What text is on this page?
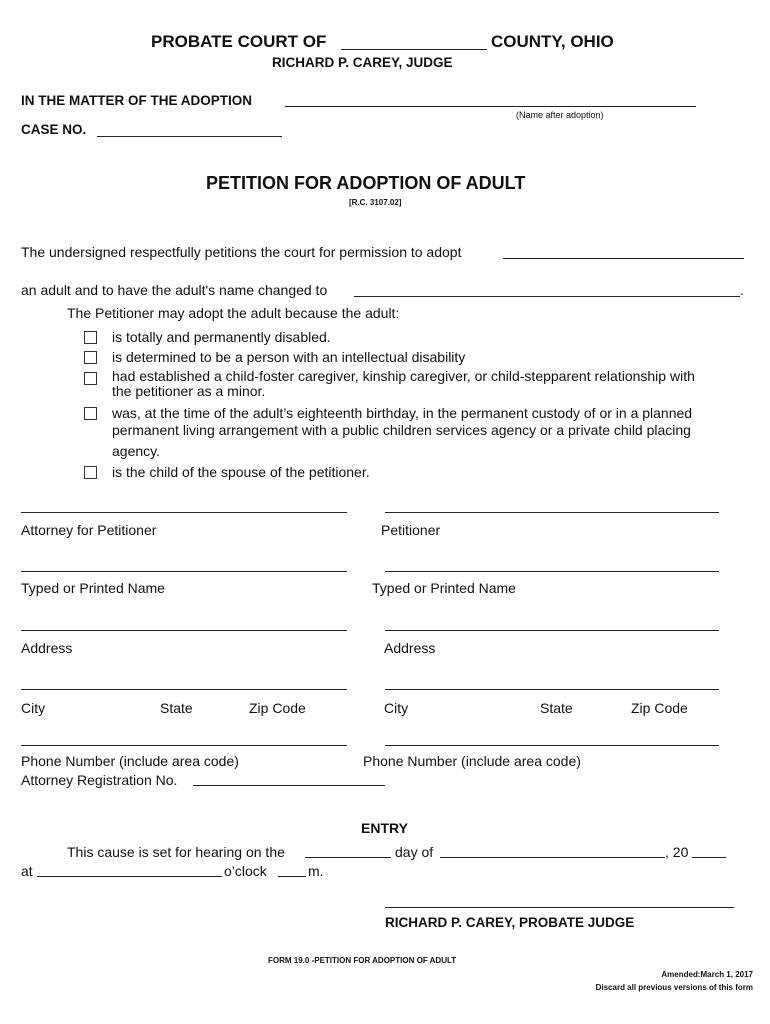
PROBATE COURT OF	COUNTY, OHIO
RICHARD P. CAREY, JUDGE
IN THE MATTER OF THE ADOPTION
(Name after adoption)
CASE NO.
PETITION FOR ADOPTION OF ADULT
[R.C. 3107.02]
The undersigned respectfully petitions the court for permission to adopt
an adult and to have the adult's name changed to	.
The Petitioner may adopt the adult because the adult:
is totally and permanently disabled.
is determined to be a person with an intellectual disability
had established a child-foster caregiver, kinship caregiver, or child-stepparent relationship with
the petitioner as a minor.
was, at the time of the adult’s eighteenth birthday, in the permanent custody of or in a planned
permanent living arrangement with a public children services agency or a private child placing
agency.
is the child of the spouse of the petitioner.
Attorney for Petitioner	Petitioner
Typed or Printed Name	Typed or Printed Name
Address	Address
City	State	Zip Code	City	State	Zip Code
Phone Number (include area code)	Phone Number (include area code)
Attorney Registration No.
ENTRY
This cause is set for hearing on the	day of	, 20
at	o’clock	m.
RICHARD P. CAREY, PROBATE JUDGE
FORM 19.0 -PETITION FOR ADOPTION OF ADULT
Amended:March 1, 2017
Discard all previous versions of this form
